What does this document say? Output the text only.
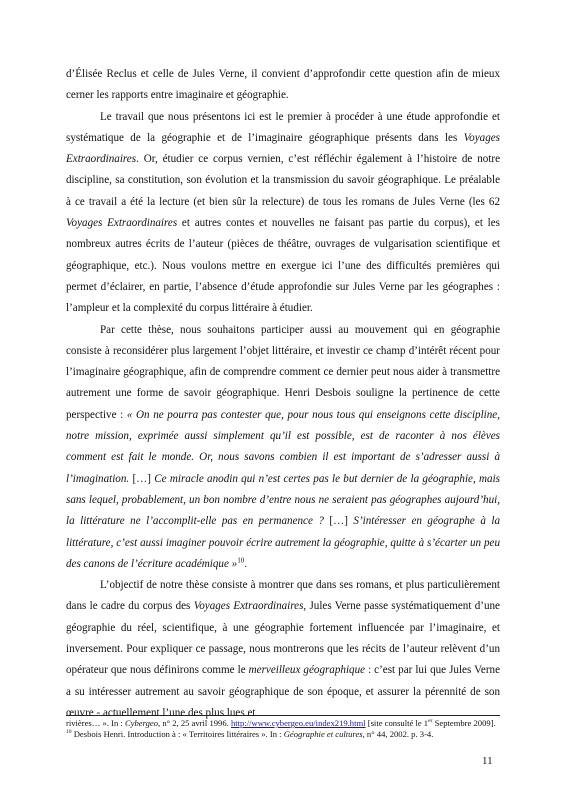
d’Élisée Reclus et celle de Jules Verne, il convient d’approfondir cette question afin de mieux cerner les rapports entre imaginaire et géographie.

Le travail que nous présentons ici est le premier à procéder à une étude approfondie et systématique de la géographie et de l’imaginaire géographique présents dans les Voyages Extraordinaires. Or, étudier ce corpus vernien, c’est réfléchir également à l’histoire de notre discipline, sa constitution, son évolution et la transmission du savoir géographique. Le préalable à ce travail a été la lecture (et bien sûr la relecture) de tous les romans de Jules Verne (les 62 Voyages Extraordinaires et autres contes et nouvelles ne faisant pas partie du corpus), et les nombreux autres écrits de l’auteur (pièces de théâtre, ouvrages de vulgarisation scientifique et géographique, etc.). Nous voulons mettre en exergue ici l’une des difficultés premières qui permet d’éclairer, en partie, l’absence d’étude approfondie sur Jules Verne par les géographes : l’ampleur et la complexité du corpus littéraire à étudier.

Par cette thèse, nous souhaitons participer aussi au mouvement qui en géographie consiste à reconsidérer plus largement l’objet littéraire, et investir ce champ d’intérêt récent pour l’imaginaire géographique, afin de comprendre comment ce dernier peut nous aider à transmettre autrement une forme de savoir géographique. Henri Desbois souligne la pertinence de cette perspective : « On ne pourra pas contester que, pour nous tous qui enseignons cette discipline, notre mission, exprimée aussi simplement qu’il est possible, est de raconter à nos élèves comment est fait le monde. Or, nous savons combien il est important de s’adresser aussi à l’imagination. […] Ce miracle anodin qui n’est certes pas le but dernier de la géographie, mais sans lequel, probablement, un bon nombre d’entre nous ne seraient pas géographes aujourd’hui, la littérature ne l’accomplit-elle pas en permanence ? […] S’intéresser en géographe à la littérature, c’est aussi imaginer pouvoir écrire autrement la géographie, quitte à s’écarter un peu des canons de l’écriture académique »$^{10}$.

L’objectif de notre thèse consiste à montrer que dans ses romans, et plus particulièrement dans le cadre du corpus des Voyages Extraordinaires, Jules Verne passe systématiquement d’une géographie du réel, scientifique, à une géographie fortement influencée par l’imaginaire, et inversement. Pour expliquer ce passage, nous montrerons que les récits de l’auteur relèvent d’un opérateur que nous définirons comme le merveilleux géographique : c’est par lui que Jules Verne a su intéresser autrement au savoir géographique de son époque, et assurer la pérennité de son œuvre - actuellement l’une des plus lues et

rivières… ». In : Cybergeo, n° 2, 25 avril 1996. http://www.cybergeo.eu/index219.html [site consulté le 1er Septembre 2009].

$^{10}$ Desbois Henri. Introduction à : « Territoires littéraires ». In : Géographie et cultures, n° 44, 2002. p. 3-4.

11
